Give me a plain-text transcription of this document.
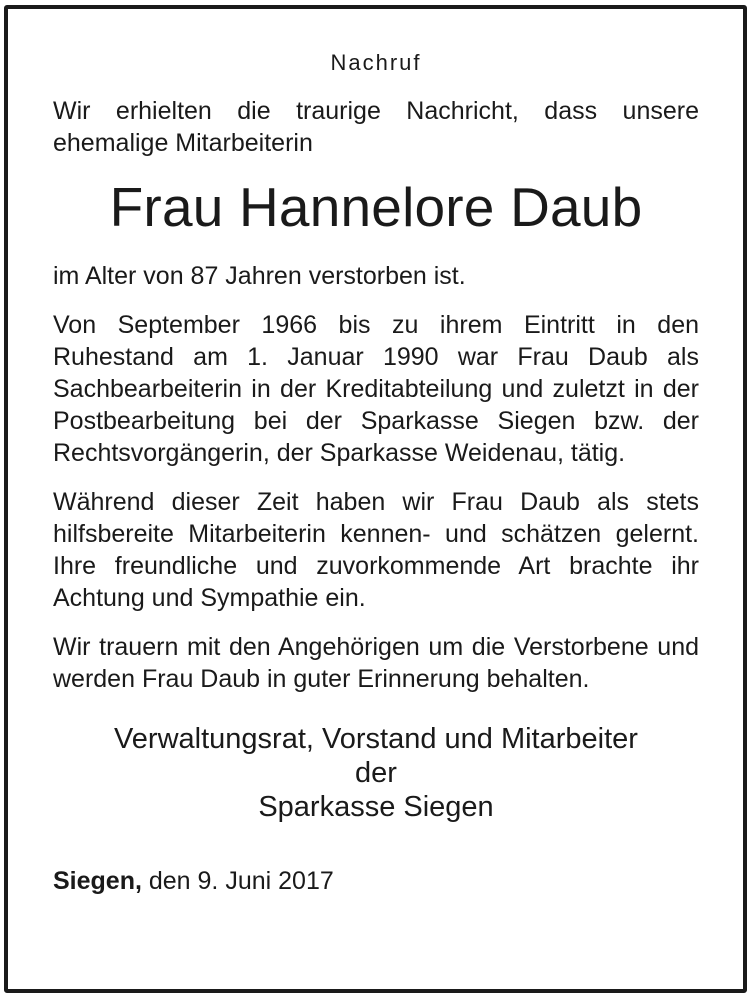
Nachruf

Wir erhielten die traurige Nachricht, dass unsere ehemalige Mitarbeiterin

Frau Hannelore Daub

im Alter von 87 Jahren verstorben ist.

Von September 1966 bis zu ihrem Eintritt in den Ruhestand am 1. Januar 1990 war Frau Daub als Sachbearbeiterin in der Kreditabteilung und zuletzt in der Postbearbeitung bei der Sparkasse Siegen bzw. der Rechtsvorgängerin, der Sparkasse Weidenau, tätig.

Während dieser Zeit haben wir Frau Daub als stets hilfsbereite Mitarbeiterin kennen- und schätzen gelernt. Ihre freundliche und zuvorkommende Art brachte ihr Achtung und Sympathie ein.

Wir trauern mit den Angehörigen um die Verstorbene und werden Frau Daub in guter Erinnerung behalten.

Verwaltungsrat, Vorstand und Mitarbeiter
der
Sparkasse Siegen
Siegen, den 9. Juni 2017
